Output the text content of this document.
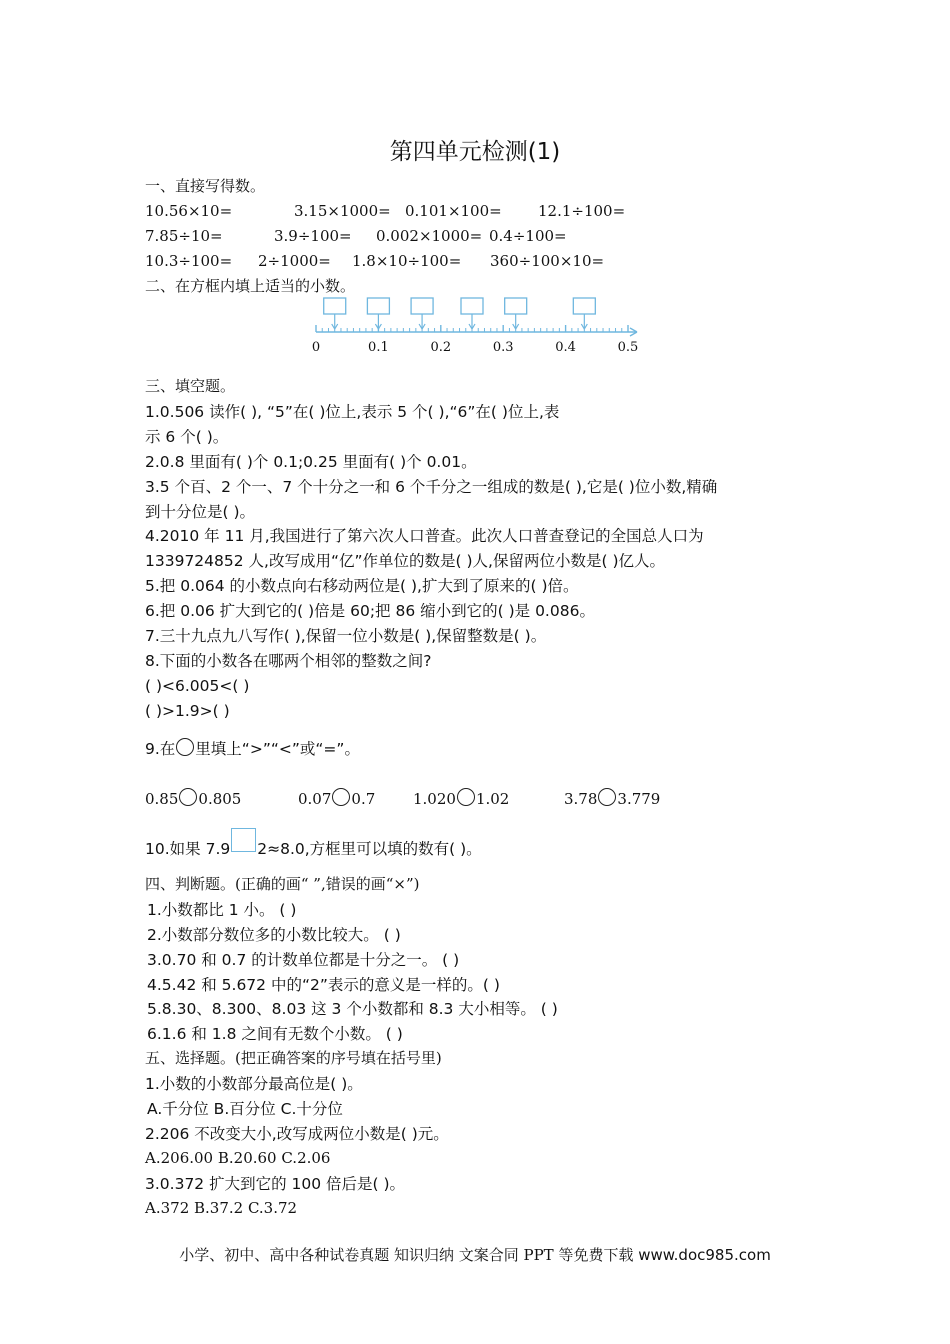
第四单元检测(1)
一、直接写得数。
10.56×10=	3.15×1000= 0.101×100= 12.1÷100=
7.85÷10=	3.9÷100= 0.002×1000= 0.4÷100=
10.3÷100= 2÷1000= 1.8×10÷100= 360÷100×10=
二、在方框内填上适当的小数。
0	0.1	0.2	0.3	0.4	0.5
三、填空题。
1.0.506 读作( ), “5”在( )位上,表示 5 个( ),“6”在( )位上,表
示 6 个( )。
2.0.8 里面有( )个 0.1;0.25 里面有( )个 0.01。
3.5 个百、2 个一、7 个十分之一和 6 个千分之一组成的数是( ),它是( )位小数,精确
到十分位是( )。
4.2010 年 11 月,我国进行了第六次人口普查。此次人口普查登记的全国总人口为
1339724852 人,改写成用“亿”作单位的数是( )人,保留两位小数是( )亿人。
5.把 0.064 的小数点向右移动两位是( ),扩大到了原来的( )倍。
6.把 0.06 扩大到它的( )倍是 60;把 86 缩小到它的( )是 0.086。
7.三十九点九八写作( ),保留一位小数是( ),保留整数是( )。
8.下面的小数各在哪两个相邻的整数之间?
( )<6.005<( )
( )>1.9>( )
9.在 里填上“>”“<”或“=”。
0.85 0.805	0.07 0.7	1.020 1.02	3.78 3.779
10.如果 7.9 2≈8.0,方框里可以填的数有( )。
四、判断题。(正确的画“ ”,错误的画“×”)
1.小数都比 1 小。 ( )
2.小数部分数位多的小数比较大。 ( )
3.0.70 和 0.7 的计数单位都是十分之一。 ( )
4.5.42 和 5.672 中的“2”表示的意义是一样的。( )
5.8.30、8.300、8.03 这 3 个小数都和 8.3 大小相等。 ( )
6.1.6 和 1.8 之间有无数个小数。 ( )
五、选择题。(把正确答案的序号填在括号里)
1.小数的小数部分最高位是( )。
A.千分位 B.百分位 C.十分位
2.206 不改变大小,改写成两位小数是( )元。
A.206.00 B.20.60 C.2.06
3.0.372 扩大到它的 100 倍后是( )。
A.372 B.37.2 C.3.72
小学、初中、高中各种试卷真题 知识归纳 文案合同 PPT 等免费下载 www.doc985.com
